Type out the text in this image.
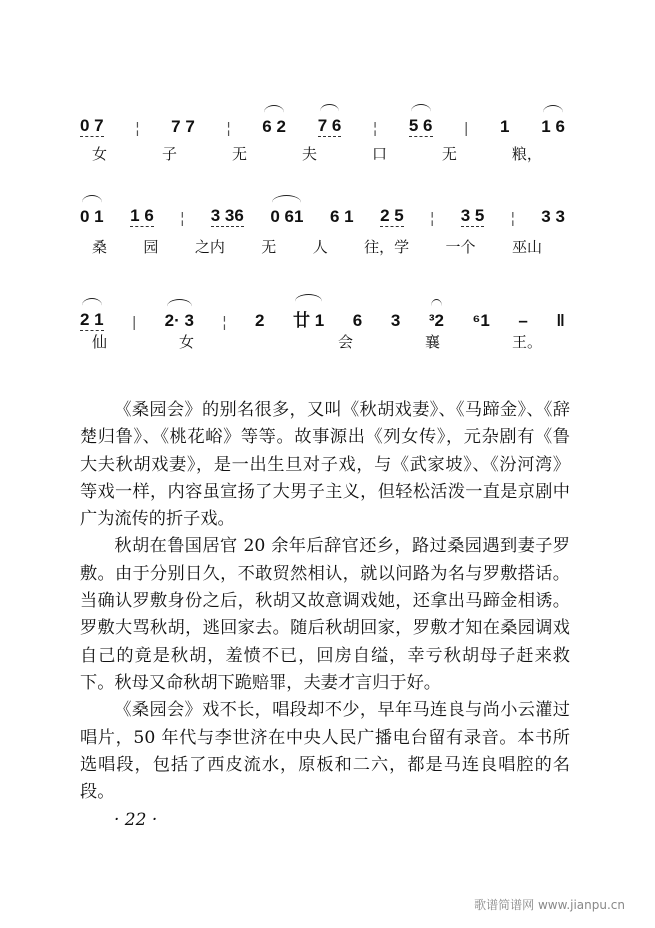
0 7 ¦ 7 7 ¦ 6 2 7 6 ¦ 5 6 | 1 1 6
女	子	无	夫	口	无	粮，
0 1 1 6 ¦ 3 36 0 61 6 1 2 5 ¦ 3 5 ¦ 3 3
桑 园 之内 无 人 往，学 一个 巫山
2 1 | 2· 3 ¦ 2 廿 1 6 3 ³2 ⁶1 – ‖
仙	女	会	襄	王。
《桑园会》的别名很多，又叫《秋胡戏妻》、《马蹄金》、《辞
楚归鲁》、《桃花峪》等等。故事源出《列女传》，元杂剧有《鲁
大夫秋胡戏妻》，是一出生旦对子戏，与《武家坡》、《汾河湾》
等戏一样，内容虽宣扬了大男子主义，但轻松活泼一直是京剧中
广为流传的折子戏。
秋胡在鲁国居官 20 余年后辞官还乡，路过桑园遇到妻子罗
敷。由于分别日久，不敢贸然相认，就以问路为名与罗敷搭话。
当确认罗敷身份之后，秋胡又故意调戏她，还拿出马蹄金相诱。
罗敷大骂秋胡，逃回家去。随后秋胡回家，罗敷才知在桑园调戏
自己的竟是秋胡，羞愤不已，回房自缢，幸亏秋胡母子赶来救
下。秋母又命秋胡下跪赔罪，夫妻才言归于好。
《桑园会》戏不长，唱段却不少，早年马连良与尚小云灌过
唱片，50 年代与李世济在中央人民广播电台留有录音。本书所
选唱段，包括了西皮流水，原板和二六，都是马连良唱腔的名
段。
· 22 ·
歌谱简谱网 www.jianpu.cn
